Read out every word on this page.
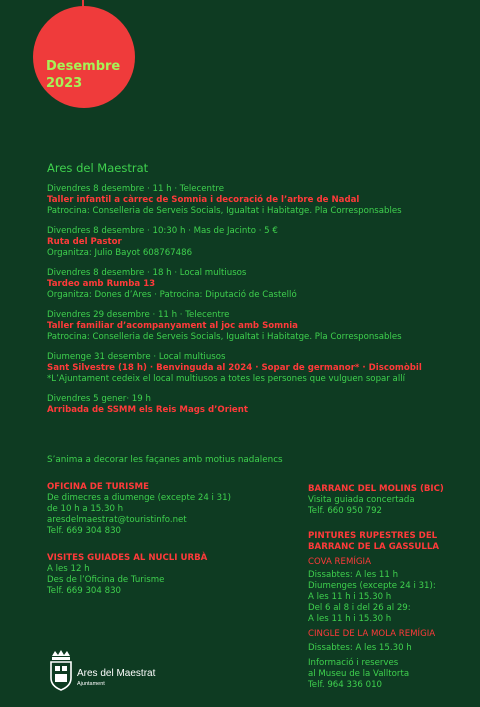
Desembre
2023
Ares del Maestrat
Divendres 8 desembre · 11 h · Telecentre
Taller infantil a càrrec de Somnia i decoració de l’arbre de Nadal
Patrocina: Conselleria de Serveis Socials, Igualtat i Habitatge. Pla Corresponsables
Divendres 8 desembre · 10:30 h · Mas de Jacinto · 5 €
Ruta del Pastor
Organitza: Julio Bayot 608767486
Divendres 8 desembre · 18 h · Local multiusos
Tardeo amb Rumba 13
Organitza: Dones d’Ares · Patrocina: Diputació de Castelló
Divendres 29 desembre · 11 h · Telecentre
Taller familiar d’acompanyament al joc amb Somnia
Patrocina: Conselleria de Serveis Socials, Igualtat i Habitatge. Pla Corresponsables
Diumenge 31 desembre · Local multiusos
Sant Silvestre (18 h) · Benvinguda al 2024 · Sopar de germanor* · Discomòbil
*L’Ajuntament cedeix el local multiusos a totes les persones que vulguen sopar allí
Divendres 5 gener· 19 h
Arribada de SSMM els Reis Mags d’Orient
S’anima a decorar les façanes amb motius nadalencs
OFICINA DE TURISME
De dimecres a diumenge (excepte 24 i 31)
de 10 h a 15.30 h
aresdelmaestrat@touristinfo.net
Telf. 669 304 830
VISITES GUIADES AL NUCLI URBÀ
A les 12 h
Des de l’Oficina de Turisme
Telf. 669 304 830
BARRANC DEL MOLINS (BIC)
Visita guiada concertada
Telf. 660 950 792
PINTURES RUPESTRES DEL
BARRANC DE LA GASSULLA
COVA REMÍGIA
Dissabtes: A les 11 h
Diumenges (excepte 24 i 31):
A les 11 h i 15.30 h
Del 6 al 8 i del 26 al 29:
A les 11 h i 15.30 h
CINGLE DE LA MOLA REMÍGIA
Dissabtes: A les 15.30 h
Informació i reserves
al Museu de la Valltorta
Telf. 964 336 010
Ares del Maestrat
Ajuntament
